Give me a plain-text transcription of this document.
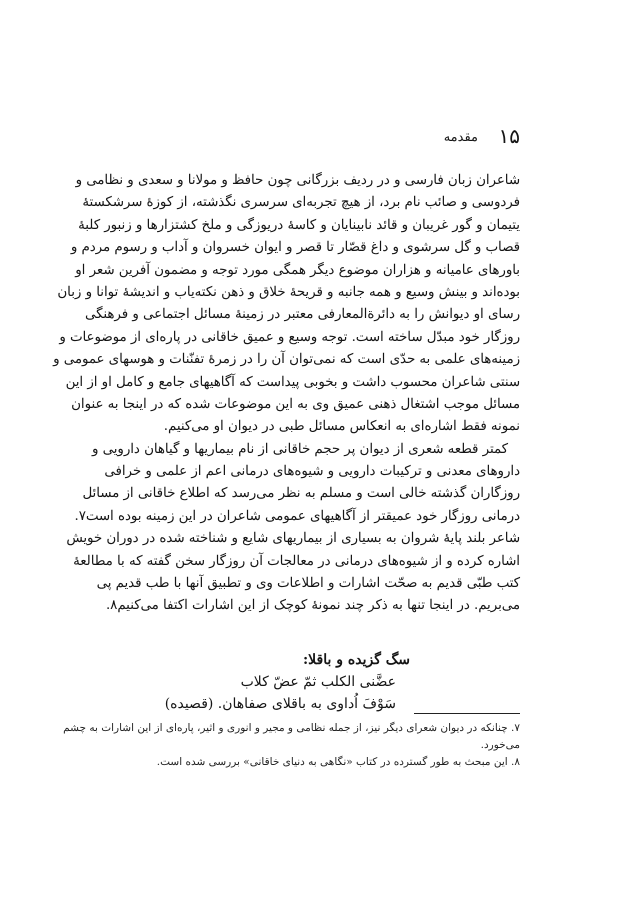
۱۵
مقدمه
شاعران زبان فارسی و در ردیف بزرگانی چون حافظ و مولانا و سعدی و نظامی و
فردوسی و صائب نام برد، از هیچ تجربه‌ای سرسری نگذشته، از کوزهٔ سرشکستهٔ
یتیمان و گور غریبان و قائد نابینایان و کاسهٔ دریوزگی و ملخ کشتزارها و زنبور کلبهٔ
قصاب و گل سرشوی و داغ قصّار تا قصر و ایوان خسروان و آداب و رسوم مردم و
باورهای عامیانه و هزاران موضوع دیگر همگی مورد توجه و مضمون آفرین شعر او
بوده‌اند و بینش وسیع و همه جانبه و قریحهٔ خلاق و ذهن نکته‌یاب و اندیشهٔ توانا و زبان
رسای او دیوانش را به دائرةالمعارفی معتبر در زمینهٔ مسائل اجتماعی و فرهنگی
روزگار خود مبدّل ساخته است. توجه وسیع و عمیق خاقانی در پاره‌ای از موضوعات و
زمینه‌های علمی به حدّی است که نمی‌توان آن را در زمرهٔ تفنّنات و هوسهای عمومی و
سنتی شاعران محسوب داشت و بخوبی پیداست که آگاهیهای جامع و کامل او از این
مسائل موجب اشتغال ذهنی عمیق وی به این موضوعات شده که در اینجا به عنوان
نمونه فقط اشاره‌ای به انعکاس مسائل طبی در دیوان او می‌کنیم.
کمتر قطعه شعری از دیوان پر حجم خاقانی از نام بیماریها و گیاهان دارویی و
داروهای معدنی و ترکیبات دارویی و شیوه‌های درمانی اعم از علمی و خرافی
روزگاران گذشته خالی است و مسلم به نظر می‌رسد که اطلاع خاقانی از مسائل
درمانی روزگار خود عمیقتر از آگاهیهای عمومی شاعران در این زمینه بوده است۷.
شاعر بلند پایهٔ شروان به بسیاری از بیماریهای شایع و شناخته شده در دوران خویش
اشاره کرده و از شیوه‌های درمانی در معالجات آن روزگار سخن گفته که با مطالعهٔ
کتب طبّی قدیم به صحّت اشارات و اطلاعات وی و تطبیق آنها با طب قدیم پی
می‌بریم. در اینجا تنها به ذکر چند نمونهٔ کوچک از این اشارات اکتفا می‌کنیم۸.
سگ گزیده و باقلا:
عضَّنی الکلب ثمّ عضّ کلاب
سَوْفَ اُداوی به باقلای صفاهان. (قصیده)
۷. چنانکه در دیوان شعرای دیگر نیز، از جمله نظامی و مجیر و انوری و اثیر، پاره‌ای از این اشارات به چشم
می‌خورد.
۸. این مبحث به طور گسترده در کتاب «نگاهی به دنیای خاقانی» بررسی شده است.
